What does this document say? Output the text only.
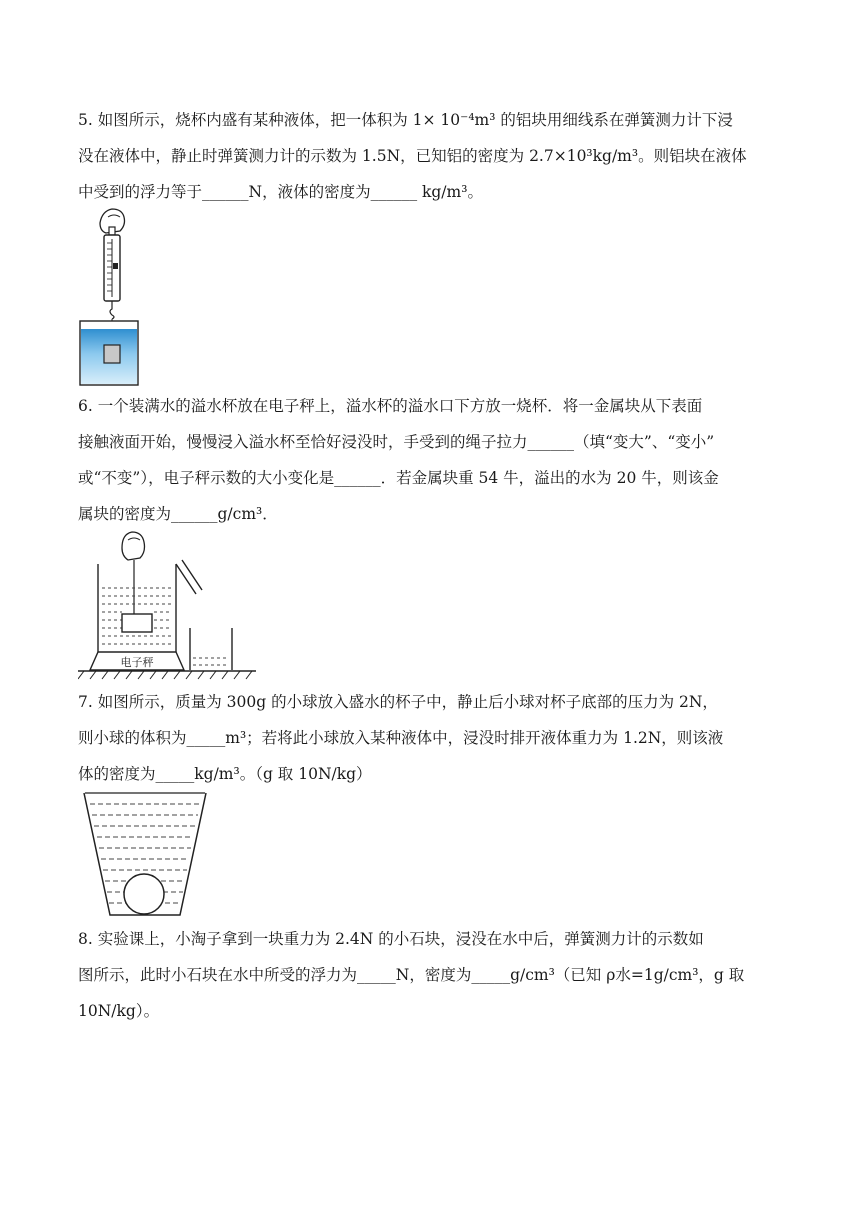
5. 如图所示，烧杯内盛有某种液体，把一体积为 1× 10⁻⁴m³ 的铝块用细线系在弹簧测力计下浸
没在液体中，静止时弹簧测力计的示数为 1.5N，已知铝的密度为 2.7×10³kg/m³。则铝块在液体
中受到的浮力等于______N，液体的密度为______ kg/m³。
6. 一个装满水的溢水杯放在电子秤上，溢水杯的溢水口下方放一烧杯．将一金属块从下表面
接触液面开始，慢慢浸入溢水杯至恰好浸没时，手受到的绳子拉力______（填“变大”、“变小”
或“不变”），电子秤示数的大小变化是______．若金属块重 54 牛，溢出的水为 20 牛，则该金
属块的密度为______g/cm³．
电子秤
7. 如图所示，质量为 300g 的小球放入盛水的杯子中，静止后小球对杯子底部的压力为 2N，
则小球的体积为_____m³；若将此小球放入某种液体中，浸没时排开液体重力为 1.2N，则该液
体的密度为_____kg/m³。（g 取 10N/kg）
8. 实验课上，小淘子拿到一块重力为 2.4N 的小石块，浸没在水中后，弹簧测力计的示数如
图所示，此时小石块在水中所受的浮力为_____N，密度为_____g/cm³（已知 ρ水=1g/cm³，g 取
10N/kg）。
